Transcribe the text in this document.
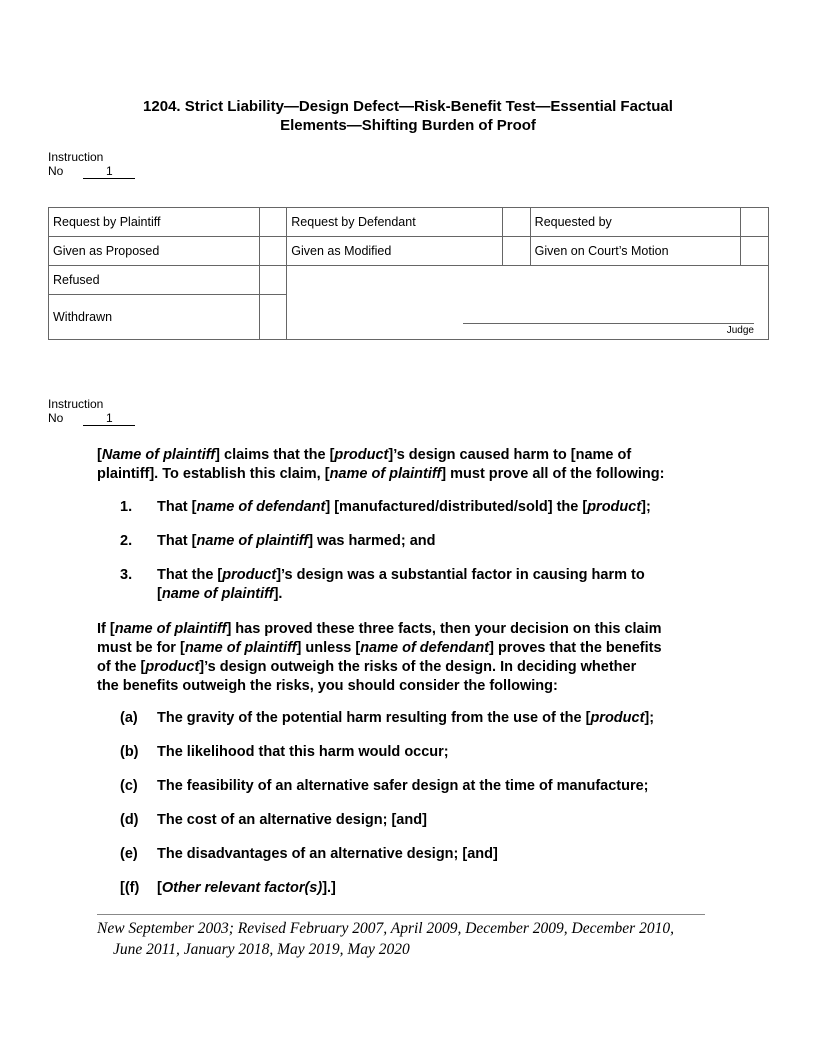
1204. Strict Liability—Design Defect—Risk-Benefit Test—Essential Factual
Elements—Shifting Burden of Proof
Instruction
No	1
Request by Plaintiff		Request by Defendant		Requested by	
Given as Proposed		Given as Modified		Given on Court’s Motion	
Refused		Judge			

Withdrawn					
Instruction
No	1
[Name of plaintiff] claims that the [product]’s design caused harm to [name of
plaintiff]. To establish this claim, [name of plaintiff] must prove all of the following:
1. That [name of defendant] [manufactured/distributed/sold] the [product];
2. That [name of plaintiff] was harmed; and
3. That the [product]’s design was a substantial factor in causing harm to
[name of plaintiff].
If [name of plaintiff] has proved these three facts, then your decision on this claim
must be for [name of plaintiff] unless [name of defendant] proves that the benefits
of the [product]’s design outweigh the risks of the design. In deciding whether
the benefits outweigh the risks, you should consider the following:
(a) The gravity of the potential harm resulting from the use of the [product];
(b) The likelihood that this harm would occur;
(c) The feasibility of an alternative safer design at the time of manufacture;
(d) The cost of an alternative design; [and]
(e) The disadvantages of an alternative design; [and]
[(f) [Other relevant factor(s)].]
New September 2003; Revised February 2007, April 2009, December 2009, December 2010,
June 2011, January 2018, May 2019, May 2020
